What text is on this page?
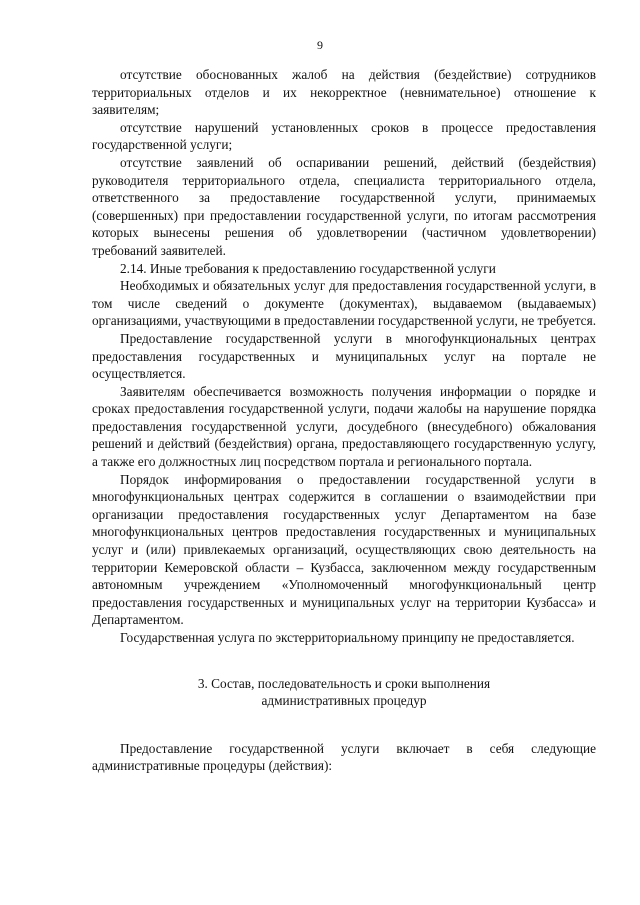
9

отсутствие обоснованных жалоб на действия (бездействие) сотрудников территориальных отделов и их некорректное (невнимательное) отношение к заявителям;

отсутствие нарушений установленных сроков в процессе предоставления государственной услуги;

отсутствие заявлений об оспаривании решений, действий (бездействия) руководителя территориального отдела, специалиста территориального отдела, ответственного за предоставление государственной услуги, принимаемых (совершенных) при предоставлении государственной услуги, по итогам рассмотрения которых вынесены решения об удовлетворении (частичном удовлетворении) требований заявителей.

2.14. Иные требования к предоставлению государственной услуги

Необходимых и обязательных услуг для предоставления государственной услуги, в том числе сведений о документе (документах), выдаваемом (выдаваемых) организациями, участвующими в предоставлении государственной услуги, не требуется.

Предоставление государственной услуги в многофункциональных центрах предоставления государственных и муниципальных услуг на портале не осуществляется.

Заявителям обеспечивается возможность получения информации о порядке и сроках предоставления государственной услуги, подачи жалобы на нарушение порядка предоставления государственной услуги, досудебного (внесудебного) обжалования решений и действий (бездействия) органа, предоставляющего государственную услугу, а также его должностных лиц посредством портала и регионального портала.

Порядок информирования о предоставлении государственной услуги в многофункциональных центрах содержится в соглашении о взаимодействии при организации предоставления государственных услуг Департаментом на базе многофункциональных центров предоставления государственных и муниципальных услуг и (или) привлекаемых организаций, осуществляющих свою деятельность на территории Кемеровской области – Кузбасса, заключенном между государственным автономным учреждением «Уполномоченный многофункциональный центр предоставления государственных и муниципальных услуг на территории Кузбасса» и Департаментом.

Государственная услуга по экстерриториальному принципу не предоставляется.

3. Состав, последовательность и сроки выполнения
административных процедур

Предоставление государственной услуги включает в себя следующие административные процедуры (действия):
